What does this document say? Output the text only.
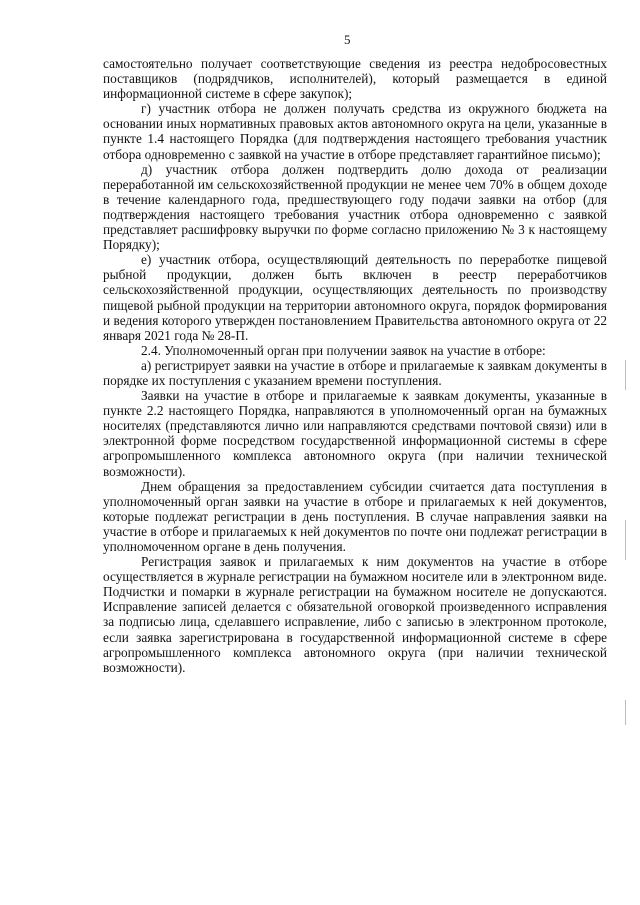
5

самостоятельно получает соответствующие сведения из реестра недобросовестных поставщиков (подрядчиков, исполнителей), который размещается в единой информационной системе в сфере закупок);

г) участник отбора не должен получать средства из окружного бюджета на основании иных нормативных правовых актов автономного округа на цели, указанные в пункте 1.4 настоящего Порядка (для подтверждения настоящего требования участник отбора одновременно с заявкой на участие в отборе представляет гарантийное письмо);

д) участник отбора должен подтвердить долю дохода от реализации переработанной им сельскохозяйственной продукции не менее чем 70% в общем доходе в течение календарного года, предшествующего году подачи заявки на отбор (для подтверждения настоящего требования участник отбора одновременно с заявкой представляет расшифровку выручки по форме согласно приложению № 3 к настоящему Порядку);

е) участник отбора, осуществляющий деятельность по переработке пищевой рыбной продукции, должен быть включен в реестр переработчиков сельскохозяйственной продукции, осуществляющих деятельность по производству пищевой рыбной продукции на территории автономного округа, порядок формирования и ведения которого утвержден постановлением Правительства автономного округа от 22 января 2021 года № 28-П.

2.4. Уполномоченный орган при получении заявок на участие в отборе:

а) регистрирует заявки на участие в отборе и прилагаемые к заявкам документы в порядке их поступления с указанием времени поступления.

Заявки на участие в отборе и прилагаемые к заявкам документы, указанные в пункте 2.2 настоящего Порядка, направляются в уполномоченный орган на бумажных носителях (представляются лично или направляются средствами почтовой связи) или в электронной форме посредством государственной информационной системы в сфере агропромышленного комплекса автономного округа (при наличии технической возможности).

Днем обращения за предоставлением субсидии считается дата поступления в уполномоченный орган заявки на участие в отборе и прилагаемых к ней документов, которые подлежат регистрации в день поступления. В случае направления заявки на участие в отборе и прилагаемых к ней документов по почте они подлежат регистрации в уполномоченном органе в день получения.

Регистрация заявок и прилагаемых к ним документов на участие в отборе осуществляется в журнале регистрации на бумажном носителе или в электронном виде. Подчистки и помарки в журнале регистрации на бумажном носителе не допускаются. Исправление записей делается с обязательной оговоркой произведенного исправления за подписью лица, сделавшего исправление, либо с записью в электронном протоколе, если заявка зарегистрирована в государственной информационной системе в сфере агропромышленного комплекса автономного округа (при наличии технической возможности).
